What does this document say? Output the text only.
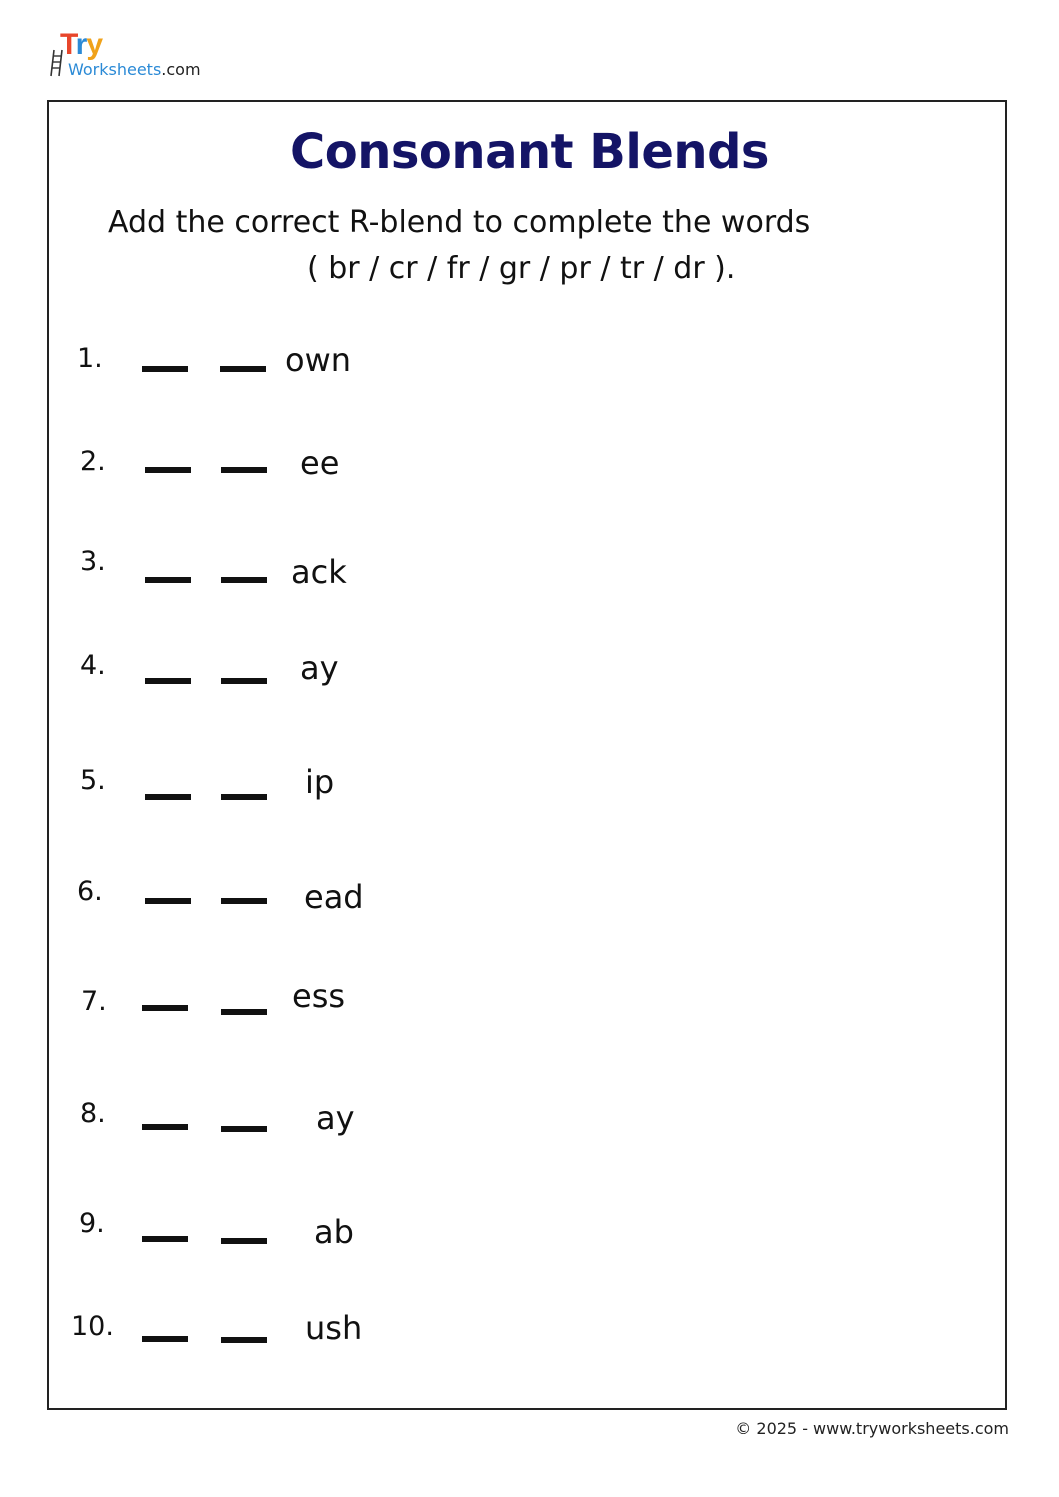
Try
Worksheets.com
Consonant Blends
Add the correct R-blend to complete the words
( br / cr / fr / gr / pr / tr / dr ).
1.	own
2.	ee
3.	ack
4.	ay
5.	ip
6.	ead
7.	ess
8.	ay
9.	ab
10.	ush
© 2025 - www.tryworksheets.com
